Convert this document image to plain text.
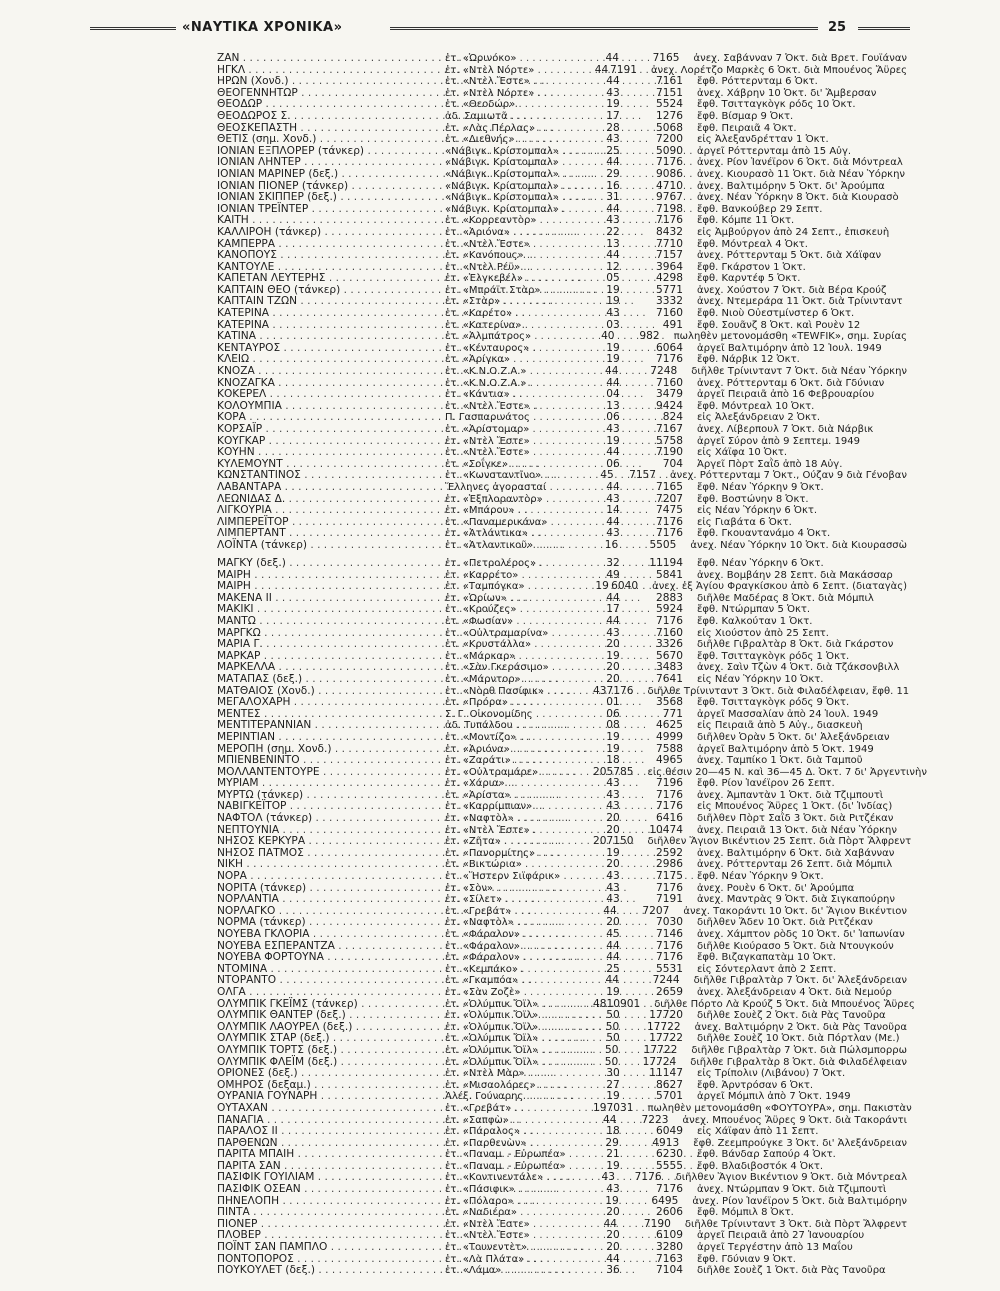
«ΝΑΥΤΙΚΑ ΧΡΟΝΙΚΑ»	25
ΖΑΝ . . .	ἑτ. «Ὠρινόκο» . . .	44	7165	ἀνεχ. Σαβάνναν 7 Ὀκτ. διὰ Βρετ. Γουϊάναν
ΗΓΚΛ . . .	ἑτ. «Ντὲλ Νόρτε» . . .	44 7191	ἀνεχ. Λορέτζο Μαρκὲς 6 Ὀκτ. διὰ Μπουένος Ἄϋρες
ΗΡΩΝ (Χονδ.) . . .	ἑτ. «Ντὲλ Ἔστε» . . .	44	7161	ἔφθ. Ρόττερνταμ 6 Ὀκτ.
ΘΕΟΓΕΝΝΗΤΩΡ . . .	ἑτ. «Ντὲλ Νόρτε» . . .	43	7151	ἀνεχ. Χάβρην 10 Ὀκτ. δι' Ἄμβερσαν
ΘΕΟΔΩΡ . . .	ἑτ. «Θεοδώρ» . . .	19	5524	ἔφθ. Τσιτταγκὸγκ ρόδς 10 Ὀκτ.
ΘΕΟΔΩΡΟΣ Σ. . . .	ἀδ. Σαμιωτᾶ . . .	17	1276	ἔφθ. Βίσμαρ 9 Ὀκτ.
ΘΕΟΣΚΕΠΑΣΤΗ . . .	ἑτ. «Λὰς Πέρλας» . . .	28	5068	ἔφθ. Πειραιᾶ 4 Ὀκτ.
ΘΕΤΙΣ (σημ. Χονδ.) . . .	ἑτ. «Διεθνής» . . .	43	7200	εἰς Ἀλεξανδρέτταν 1 Ὀκτ.
ΙΟΝΙΑΝ ΕΞΠΛΟΡΕΡ (τάνκερ) . . .	«Νάβιγκ. Κρίστομπαλ» . . .	25	5090	ἀργεῖ Ρόττερνταμ ἀπὸ 15 Αὐγ.
ΙΟΝΙΑΝ ΛΗΝΤΕΡ . . .	«Νάβιγκ. Κρίστομπαλ» . . .	44	7176	ἀνεχ. Ρίον Ἰανέϊρον 6 Ὀκτ. διὰ Μόντρεαλ
ΙΟΝΙΑΝ ΜΑΡΙΝΕΡ (δεξ.) . . .	«Νάβιγκ. Κρίστομπαλ» . . .	29	9086	ἀνεχ. Κιουρασὸ 11 Ὀκτ. διὰ Νέαν Ὑόρκην
ΙΟΝΙΑΝ ΠΙΟΝΕΡ (τάνκερ) . . .	«Νάβιγκ. Κρίστομπαλ» . . .	16	4710	ἀνεχ. Βαλτιμόρην 5 Ὀκτ. δι' Ἀρούμπα
ΙΟΝΙΑΝ ΣΚΙΠΠΕΡ (δεξ.) . . .	«Νάβιγκ. Κρίστομπαλ» . . .	31	9767	ἀνεχ. Νέαν Ὑόρκην 8 Ὀκτ. διὰ Κιουρασὸ
ΙΟΝΙΑΝ ΤΡΕΪΝΤΕΡ . . .	«Νάβιγκ. Κρίστομπαλ» . . .	44	7198	ἔφθ. Βανκούβερ 29 Σεπτ.
ΚΑΙΤΗ . . .	ἑτ. «Κορρεαντὸρ» . . .	43	7176	ἔφθ. Κόμπε 11 Ὀκτ.
ΚΑΛΛΙΡΟΗ (τάνκερ) . . .	ἑτ. «Ἀριόνα» . . .	22	8432	εἰς Ἀμβούργον ἀπὸ 24 Σεπτ., ἐπισκευὴ
ΚΑΜΠΕΡΡΑ . . .	ἑτ. «Ντὲλ Ἔστε» . . .	13	7710	ἔφθ. Μόντρεαλ 4 Ὀκτ.
ΚΑΝΟΠΟΥΣ . . .	ἑτ. «Κανόπους» . . .	44	7157	ἀνεχ. Ρόττερνταμ 5 Ὀκτ. διὰ Χάϊφαν
ΚΑΝΤΟΥΛΕ . . .	ἑτ. «Ντὲλ Ρέϋ» . . .	12	3964	ἔφθ. Γκάρστον 1 Ὀκτ.
ΚΑΠΕΤΑΝ ΛΕΥΤΕΡΗΣ . . .	ἑτ. «Ἐλγκεβέλ» . . .	05	4298	ἔφθ. Καρντέφ 5 Ὀκτ.
ΚΑΠΤΑΙΝ ΘΕΟ (τάνκερ) . . .	ἑτ. «Μπράϊτ Στὰρ» . . .	19	5771	ἀνεχ. Χούστον 7 Ὀκτ. διὰ Βέρα Κρούζ
ΚΑΠΤΑΙΝ ΤΖΩΝ . . .	ἑτ. «Στὰρ» . . .	19	3332	ἀνεχ. Ντεμεράρα 11 Ὀκτ. διὰ Τρίνινταντ
ΚΑΤΕΡΙΝΑ . . .	ἑτ. «Καρέτο» . . .	43	7160	ἔφθ. Νιοὺ Οὐεστμίνστερ 6 Ὀκτ.
ΚΑΤΕΡΙΝΑ . . .	ἑτ. «Κατερίνα» . . .	03	491	ἔφθ. Σουᾶνζ 8 Ὀκτ. καὶ Ρουὲν 12
ΚΑΤΙΝΑ . . .	ἑτ. «Ἀλμπάτρος» . . .	40	982	πωληθὲν μετονομάσθη «TEWFIK», σημ. Συρίας
ΚΕΝΤΑΥΡΟΣ . . .	ἑτ. «Κένταυρος» . . .	19	6064	ἀργεῖ Βαλτιμόρην ἀπὸ 12 Ἰουλ. 1949
ΚΛΕΙΩ . . .	ἑτ. «Ἀρίγκα» . . .	19	7176	ἔφθ. Νάρβικ 12 Ὀκτ.
ΚΝΟΖΑ . . .	ἑτ. «Κ.Ν.Ο.Ζ.Α.» . . .	44	7248	διῆλθε Τρίνινταντ 7 Ὀκτ. διὰ Νέαν Ὑόρκην
ΚΝΟΖΑΓΚΑ . . .	ἑτ. «Κ.Ν.Ο.Ζ.Α.» . . .	44	7160	ἀνεχ. Ρόττερνταμ 6 Ὀκτ. διὰ Γδύνιαν
ΚΟΚΕΡΕΛ . . .	ἑτ. «Κάντια» . . .	04	3479	ἀργεῖ Πειραιᾶ ἀπὸ 16 Φεβρουαρίου
ΚΟΛΟΥΜΠΙΑ . . .	ἑτ. «Ντὲλ Ἔστε» . . .	13	9424	ἔφθ. Μόντρεαλ 10 Ὀκτ.
ΚΟΡΑ . . .	Π. Γασπαρινάτος . . .	06	824	εἰς Ἀλεξάνδρειαν 2 Ὀκτ.
ΚΟΡΣΑΪΡ . . .	ἑτ. «Ἀρίστομαρ» . . .	43	7167	ἀνεχ. Λίβερπουλ 7 Ὀκτ. διὰ Νάρβικ
ΚΟΥΓΚΑΡ . . .	ἑτ. «Ντὲλ Ἔστε» . . .	19	5758	ἀργεῖ Σύρον ἀπὸ 9 Σεπτεμ. 1949
ΚΟΥΗΝ . . .	ἑτ. «Ντὲλ Ἔστε» . . .	44	7190	εἰς Χάϊφα 10 Ὀκτ.
ΚΥΛΕΜΟΥΝΤ . . .	ἑτ. «Σοΐγκε» . . .	06	704	Ἀργεῖ Πὸρτ Σαῒδ ἀπὸ 18 Αὐγ.
ΚΩΝΣΤΑΝΤΙΝΟΣ . . .	ἑτ. «Κωνσταντῖνο» . . .	45	7157	ἀνεχ. Ρόττερνταμ 7 Ὀκτ., Ούζαν 9 διὰ Γένοβαν
ΛΑΒΑΝΤΑΡΑ . . .	Ἕλληνες ἀγορασταί . . .	44	7165	ἔφθ. Νέαν Ὑόρκην 9 Ὀκτ.
ΛΕΩΝΙΔΑΣ Δ. . . .	ἑτ. «Ἐξπλοραντὸρ» . . .	43	7207	ἔφθ. Βοστώνην 8 Ὀκτ.
ΛΙΓΚΟΥΡΙΑ . . .	ἑτ. «Μπάρου» . . .	14	7475	εἰς Νέαν Ὑόρκην 6 Ὀκτ.
ΛΙΜΠΕΡΕΪΤΟΡ . . .	ἑτ. «Παναμερικάνα» . . .	44	7176	εἰς Γιαβάτα 6 Ὀκτ.
ΛΙΜΠΕΡΤΑΝΤ . . .	ἑτ. «Ἀτλάντικα» . . .	43	7176	ἔφθ. Γκουαντανάμο 4 Ὀκτ.
ΛΟΪΝΤΑ (τάνκερ) . . .	ἑτ. «Ἀτλαντικοῦ» . . .	16	5505	ἀνεχ. Νέαν Ὑόρκην 10 Ὀκτ. διὰ Κιουρασσὼ
ΜΑΓΚΥ (δεξ.) . . .	ἑτ. «Πετρολέρος» . . .	32	11194	ἔφθ. Νέαν Ὑόρκην 6 Ὀκτ.
ΜΑΙΡΗ . . .	ἑτ. «Καρρέτο» . . .	49	5841	ἀνεχ. Βομβάην 28 Σεπτ. διὰ Μακάσσαρ
ΜΑΙΡΗ . . .	ἑτ. «Ταμπόγκα» . . .	19 6040	ἀνεχ. ἐξ Ἁγίου Φραγκίσκου ἀπὸ 6 Σεπτ. (διαταγὰς)
ΜΑΚΕΝΑ ΙΙ . . .	ἑτ. «Ὠρίων» . . .	44	2883	διῆλθε Μαδέρας 8 Ὀκτ. διὰ Μόμπιλ
ΜΑΚΙΚΙ . . .	ἑτ. «Κρούζες» . . .	17	5924	ἔφθ. Ντώρμπαν 5 Ὀκτ.
ΜΑΝΤΩ . . .	ἑτ. «Φωσίαν» . . .	44	7176	ἔφθ. Καλκούταν 1 Ὀκτ.
ΜΑΡΓΚΩ . . .	ἑτ. «Οὐλτραμαρίνα» . . .	43	7160	εἰς Χιούστον ἀπὸ 25 Σεπτ.
ΜΑΡΙΑ Γ. . . .	ἑτ. «Κρυστάλλα» . . .	20	3326	διῆλθε Γιβραλτὰρ 8 Ὀκτ. διὰ Γκάρστον
ΜΑΡΚΑΡ . . .	ἑτ. «Μάρκαρ» . . .	19	5670	ἔφθ. Τσιτταγκὸγκ ρόδς 1 Ὀκτ.
ΜΑΡΚΕΛΛΑ . . .	ἑτ. «Σὰν Γκεράσιμο» . . .	20	3483	ἀνεχ. Σαὶν Τζὼν 4 Ὀκτ. διὰ Τζάκσονβιλλ
ΜΑΤΑΠΑΣ (δεξ.) . . .	ἑτ. «Μάρντορ» . . .	20	7641	εἰς Νέαν Ὑόρκην 10 Ὀκτ.
ΜΑΤΘΑΙΟΣ (Χονδ.) . . .	ἑτ. «Νὸρθ Πασίφικ» . . .	43 7176	διῆλθε Τρίνινταντ 3 Ὀκτ. διὰ Φιλαδέλφειαν, ἔφθ. 11
ΜΕΓΑΛΟΧΑΡΗ . . .	ἑτ. «Πρόρα» . . .	01	3568	ἔφθ. Τσιτταγκὸγκ ρόδς 9 Ὀκτ.
ΜΕΝΤΕΣ . . .	Σ. Γ. Οἰκονομίδης . . .	06	771	ἀργεῖ Μασσαλίαν ἀπὸ 24 Ἰουλ. 1949
ΜΕΝΤΙΤΕΡΑΝΝΙΑΝ . . .	ἀδ. Τυπάλδου . . .	08	4625	εἰς Πειραιᾶ ἀπὸ 5 Αὐγ., διασκευὴ
ΜΕΡΙΝΤΙΑΝ . . .	ἑτ. «Μοντίζο» . . .	19	4999	διῆλθεν Ὀρὰν 5 Ὀκτ. δι' Ἀλεξάνδρειαν
ΜΕΡΟΠΗ (σημ. Χονδ.) . . .	ἑτ. «Ἀριόνα» . . .	19	7588	ἀργεῖ Βαλτιμόρην ἀπὸ 5 Ὀκτ. 1949
ΜΠΙΕΝΒΕΝΙΝΤΟ . . .	ἑτ. «Ζαράτι» . . .	18	4965	ἀνεχ. Ταμπίκο 1 Ὀκτ. διὰ Ταμποῦ
ΜΟΛΛΑΝΤΕΝΤΟΥΡΕ . . .	ἑτ. «Οὐλτραμάρε» . . .	20 5785	εἰς θέσιν 20—45 Ν. καὶ 36—45 Δ. Ὀκτ. 7 δι' Ἀργεντινὴν
ΜΥΡΙΑΜ . . .	ἑτ. «Χάρια» . . .	43	7196	ἔφθ. Ρίον Ἰανέϊρον 26 Σεπτ.
ΜΥΡΤΩ (τάνκερ) . . .	ἑτ. «Ἀρίστα» . . .	43	7176	ἀνεχ. Ἀμπαντὰν 1 Ὀκτ. διὰ Τζιμπουτὶ
ΝΑΒΙΓΚΕΪΤΟΡ . . .	ἑτ. «Καρρίμπιαν» . . .	43	7176	εἰς Μπουένος Ἄϋρες 1 Ὀκτ. (δι' Ἰνδίας)
ΝΑΦΤΟΛ (τάνκερ) . . .	ἑτ. «Ναφτὸλ» . . .	20	6416	διῆλθεν Πὸρτ Σαῒδ 3 Ὀκτ. διὰ Ριτζέκαν
ΝΕΠΤΟΥΝΙΑ . . .	ἑτ. «Ντὲλ Ἔστε» . . .	20	10474	ἀνεχ. Πειραιᾶ 13 Ὀκτ. διὰ Νέαν Ὑόρκην
ΝΗΣΟΣ ΚΕΡΚΥΡΑ . . .	ἑτ. «Ζῆτα» . . .	20 7150	διῆλθεν Ἅγιον Βικέντιον 25 Σεπτ. διὰ Πὸρτ Ἄλφρεντ
ΝΗΣΟΣ ΠΑΤΜΟΣ . . .	ἑτ. «Πανορμίτης» . . .	19	2592	ἀνεχ. Βαλτιμόρην 6 Ὀκτ. διὰ Χαβάνναν
ΝΙΚΗ . . .	ἑτ. «Βικτώρια» . . .	20	2986	ἀνεχ. Ρόττερνταμ 26 Σεπτ. διὰ Μόμπιλ
ΝΟΡΑ . . .	ἑτ. «Ἥστερν Σιϊφάρικ» . . .	43	7175	ἔφθ. Νέαν Ὑόρκην 9 Ὀκτ.
ΝΟΡΙΤΑ (τάνκερ) . . .	ἑτ. «Σὸν» . . .	43	7176	ἀνεχ. Ρουὲν 6 Ὀκτ. δι' Ἀρούμπα
ΝΟΡΛΑΝΤΙΑ . . .	ἑτ. «Σίλετ» . . .	43	7191	ἀνεχ. Μαντρὰς 9 Ὀκτ. διὰ Σιγκαπούρην
ΝΟΡΛΑΓΚΟ . . .	ἑτ. «Γρεβάτ» . . .	44	7207	ἀνεχ. Τακοράντι 10 Ὀκτ. δι' Ἅγιον Βικέντιον
ΝΟΡΜΑ (τάνκερ) . . .	ἑτ. «Ναφτὸλ» . . .	20	7030	διῆλθεν Ἄδεν 10 Ὀκτ. διὰ Ριτζέκαν
ΝΟΥΕΒΑ ΓΚΛΟΡΙΑ . . .	ἑτ. «Φάραλον» . . .	45	7146	ἀνεχ. Χάμπτον ρὸδς 10 Ὀκτ. δι' Ἰαπωνίαν
ΝΟΥΕΒΑ ΕΣΠΕΡΑΝΤΖΑ . . .	ἑτ. «Φάραλον» . . .	44	7176	διῆλθε Κιούρασο 5 Ὀκτ. διὰ Ντουγκούν
ΝΟΥΕΒΑ ΦΟΡΤΟΥΝΑ . . .	ἑτ. «Φάραλον» . . .	44	7176	ἔφθ. Βιζαγκαπατὰμ 10 Ὀκτ.
ΝΤΟΜΙΝΑ . . .	ἑτ. «Κεμπάκο» . . .	25	5531	εἰς Σόντερλαντ ἀπὸ 2 Σεπτ.
ΝΤΟΡΑΝΤΟ . . .	ἑτ. «Γκαμπόα» . . .	44	7244	διῆλθε Γιβραλτὰρ 7 Ὀκτ. δι' Ἀλεξάνδρειαν
ΟΛΓΑ . . .	ἑτ. «Σὰν Ζοζὲ» . . .	19	2659	ἀνεχ. Ἀλεξάνδρειαν 4 Ὀκτ. διὰ Νεμούρ
ΟΛΥΜΠΙΚ ΓΚΕΪΜΣ (τάνκερ) . . .	ἑτ. «Ὀλύμπικ Ὄϊλ» . . .	48 10901	διῆλθε Πόρτο Λὰ Κρούζ 5 Ὀκτ. διὰ Μπουένος Ἄϋρες
ΟΛΥΜΠΙΚ ΘΑΝΤΕΡ (δεξ.) . . .	ἑτ. «Ὀλύμπικ Ὄϊλ» . . .	50	17720	διῆλθε Σουὲζ 2 Ὀκτ. διὰ Ρὰς Τανοῦρα
ΟΛΥΜΠΙΚ ΛΑΟΥΡΕΛ (δεξ.) . . .	ἑτ. «Ὀλύμπικ Ὄϊλ» . . .	50	17722	ἀνεχ. Βαλτιμόρην 2 Ὀκτ. διὰ Ρὰς Τανοῦρα
ΟΛΥΜΠΙΚ ΣΤΑΡ (δεξ.) . . .	ἑτ. «Ὀλύμπικ Ὄϊλ» . . .	50	17722	διῆλθε Σουὲζ 10 Ὀκτ. διὰ Πόρτλαν (Με.)
ΟΛΥΜΠΙΚ ΤΟΡΤΣ (δεξ.) . . .	ἑτ. «Ὀλύμπικ Ὄϊλ» . . .	50	17722	διῆλθε Γιβραλτὰρ 7 Ὀκτ. διὰ Πώλσμπορρω
ΟΛΥΜΠΙΚ ΦΛΕΪΜ (δεξ.) . . .	ἑτ. «Ὀλύμπικ Ὄϊλ» . . .	50	17724	διῆλθε Γιβραλτὰρ 8 Ὀκτ. διὰ Φιλαδέλφειαν
ΟΡΙΟΝΕΣ (δεξ.) . . .	ἑτ. «Ντὲλ Μὰρ» . . .	30	11147	εἰς Τρίπολιν (Λιβάνου) 7 Ὀκτ.
ΟΜΗΡΟΣ (δεξαμ.) . . .	ἑτ. «Μισαολόρες» . . .	27	8627	ἔφθ. Ἀρντρόσαν 6 Ὀκτ.
ΟΥΡΑΝΙΑ ΓΟΥΝΑΡΗ . . .	Ἀλέξ. Γούναρης . . .	19	5701	ἀργεῖ Μόμπιλ ἀπὸ 7 Ὀκτ. 1949
ΟΥΤΑΧΑΝ . . .	ἑτ. «Γρεβάτ» . . .	19 7031	πωληθὲν μετονομάσθη «ΦΟΥΤΟΥΡΑ», σημ. Πακιστὰν
ΠΑΝΑΓΙΑ . . .	ἑτ. «Σαπφὼ» . . .	44	7223	ἀνεχ. Μπουένος Ἄϋρες 9 Ὀκτ. διὰ Τακοράντι
ΠΑΡΑΛΟΣ ΙΙ . . .	ἑτ. «Πάραλος» . . .	18	6049	εἰς Χάϊφαν ἀπὸ 11 Σεπτ.
ΠΑΡΘΕΝΩΝ . . .	ἑτ. «Παρθενὼν» . . .	29	4913	ἔφθ. Ζεεμπρούγκε 3 Ὀκτ. δι' Ἀλεξάνδρειαν
ΠΑΡΙΤΑ ΜΠΑΙΗ . . .	ἑτ. «Παναμ. - Εὐρωπέα» . . .	21	6230	ἔφθ. Βάνδαρ Σαπούρ 4 Ὀκτ.
ΠΑΡΙΤΑ ΣΑΝ . . .	ἑτ. «Παναμ. - Εὐρωπέα» . . .	19	5555	ἔφθ. Βλαδιβοστόκ 4 Ὀκτ.
ΠΑΣΙΦΙΚ ΓΟΥΙΛΙΑΜ . . .	ἑτ. «Κοντινεντάλε» . . .	43	7176	διῆλθεν Ἅγιον Βικέντιον 9 Ὀκτ. διὰ Μόντρεαλ
ΠΑΣΙΦΙΚ ΟΣΕΑΝ . . .	ἑτ. «Πάσιφικ» . . .	43	7176	ἀνεχ. Ντώρμπαν 9 Ὀκτ. διὰ Τζιμπουτὶ
ΠΗΝΕΛΟΠΗ . . .	ἑτ. «Πόλαρο» . . .	19	6495	ἀνεχ. Ρίον Ἰανέϊρον 5 Ὀκτ. διὰ Βαλτιμόρην
ΠΙΝΤΑ . . .	ἑτ. «Ναδιέρα» . . .	20	2606	ἔφθ. Μόμπιλ 8 Ὀκτ.
ΠΙΟΝΕΡ . . .	ἑτ. «Ντὲλ Ἔστε» . . .	44	7190	διῆλθε Τρίνινταντ 3 Ὀκτ. διὰ Πὸρτ Ἄλφρεντ
ΠΛΟΒΕΡ . . .	ἑτ. «Ντὲλ Ἔστε» . . .	20	6109	ἀργεῖ Πειραιᾶ ἀπὸ 27 Ἰανουαρίου
ΠΟΪΝΤ ΣΑΝ ΠΑΜΠΛΟ . . .	ἑτ. «Τουνεντὲτ» . . .	20	3280	ἀργεῖ Τεργέστην ἀπὸ 13 Μαΐου
ΠΟΝΤΟΠΟΡΟΣ . . .	ἑτ. «Λὰ Πλάτα» . . .	44	7163	ἔφθ. Γδύνιαν 9 Ὀκτ.
ΠΟΥΚΟΥΛΕΤ (δεξ.) . . .	ἑτ. «Λάμα» . . .	36	7104	διῆλθε Σουὲζ 1 Ὀκτ. διὰ Ρὰς Τανοῦρα
